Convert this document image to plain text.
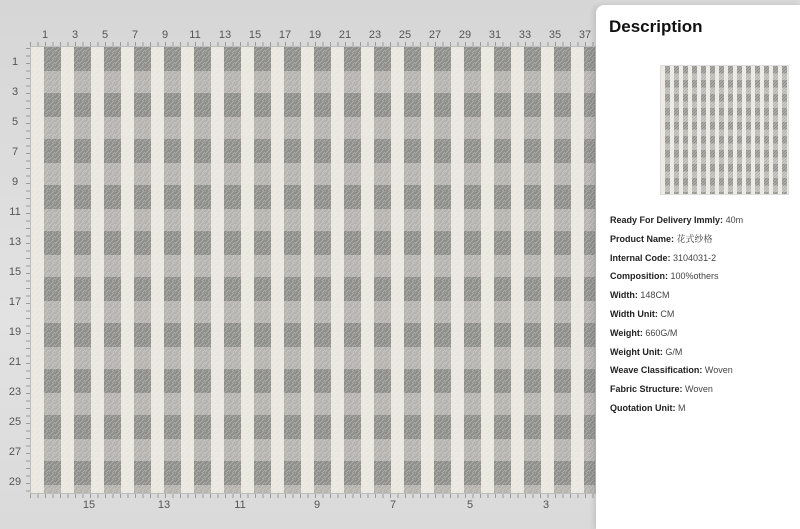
1	3	5	7	9	11	13	15	17	19	21	23	25	27	29	31	33	35	37
1
3
5
7
9
11
13
15
17
19
21
23
25
27
29
15	13	11	9	7	5	3
Description
Ready For Delivery Immly: 40m
Product Name: 花式纱格
Internal Code: 3104031-2
Composition: 100%others
Width: 148CM
Width Unit: CM
Weight: 660G/M
Weight Unit: G/M
Weave Classification: Woven
Fabric Structure: Woven
Quotation Unit: M
